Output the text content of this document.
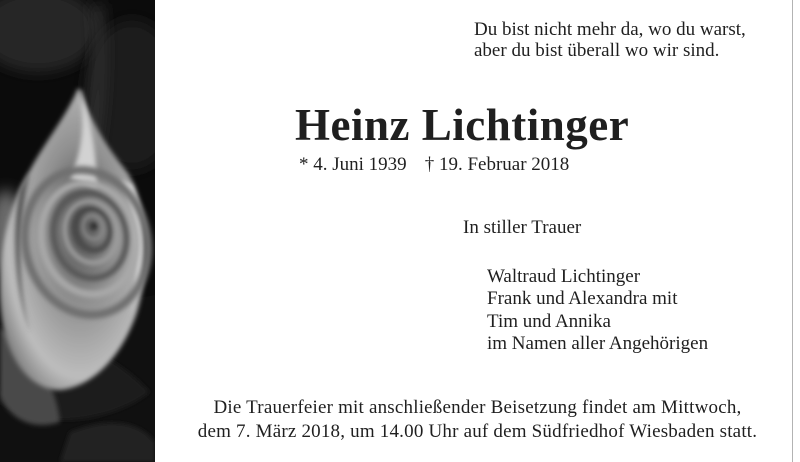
Du bist nicht mehr da, wo du warst,
aber du bist überall wo wir sind.
Heinz Lichtinger
* 4. Juni 1939 † 19. Februar 2018
In stiller Trauer
Waltraud Lichtinger
Frank und Alexandra mit
Tim und Annika
im Namen aller Angehörigen
Die Trauerfeier mit anschließender Beisetzung findet am Mittwoch,
dem 7. März 2018, um 14.00 Uhr auf dem Südfriedhof Wiesbaden statt.
